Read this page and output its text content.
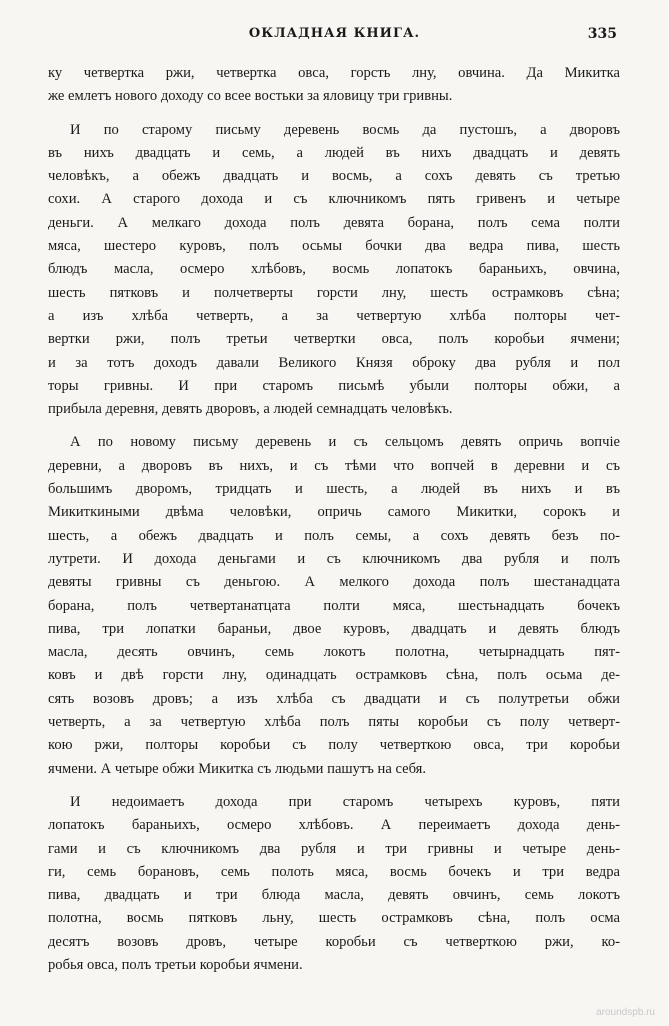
ОКЛАДНАЯ КНИГА.	335
ку четвертка ржи, четвертка овса, горсть лну, овчина. Да Микитка
же емлетъ нового доходу со всее востьки за яловицу три гривны.
И по старому письму деревень восмь да пустошъ, а дворовъ
въ нихъ двадцать и семь, а людей въ нихъ двадцать и девять
человѣкъ, а обежъ двадцать и восмь, а сохъ девять съ третью
сохи. А старого дохода и съ ключникомъ пять гривенъ и четыре
деньги. А мелкаго дохода полъ девята борана, полъ сема полти
мяса, шестеро куровъ, полъ осьмы бочки два ведра пива, шесть
блюдъ масла, осмеро хлѣбовъ, восмь лопатокъ бараньихъ, овчина,
шесть пятковъ и полчетверты горсти лну, шесть острамковъ сѣна;
а изъ хлѣба четверть, а за четвертую хлѣба полторы чет-
вертки ржи, полъ третьи четвертки овса, полъ коробьи ячмени;
и за тотъ доходъ давали Великого Князя оброку два рубля и пол
торы гривны. И при старомъ письмѣ убыли полторы обжи, а
прибыла деревня, девять дворовъ, а людей семнадцать человѣкъ.
А по новому письму деревень и съ сельцомъ девять опричь вопчіе
деревни, а дворовъ въ нихъ, и съ тѣми что вопчей в деревни и съ
большимъ дворомъ, тридцать и шесть, а людей въ нихъ и въ
Микиткиными двѣма человѣки, опричь самого Микитки, сорокъ и
шесть, а обежъ двадцать и полъ семы, а сохъ девять безъ по-
лутрети. И дохода деньгами и съ ключникомъ два рубля и полъ
девяты гривны съ деньгою. А мелкого дохода полъ шестанадцата
борана, полъ четвертанатцата полти мяса, шестьнадцать бочекъ
пива, три лопатки бараньи, двое куровъ, двадцать и девять блюдъ
масла, десять овчинъ, семь локотъ полотна, четырнадцать пят-
ковъ и двѣ горсти лну, одинадцать острамковъ сѣна, полъ осьма де-
сять возовъ дровъ; а изъ хлѣба съ двадцати и съ полутретьи обжи
четверть, а за четвертую хлѣба полъ пяты коробьи съ полу четверт-
кою ржи, полторы коробьи съ полу четверткою овса, три коробьи
ячмени. А четыре обжи Микитка съ людьми пашутъ на себя.
И недоимаетъ дохода при старомъ четырехъ куровъ, пяти
лопатокъ бараньихъ, осмеро хлѣбовъ. А переимаетъ дохода день-
гами и съ ключникомъ два рубля и три гривны и четыре день-
ги, семь борановъ, семь полоть мяса, восмь бочекъ и три ведра
пива, двадцать и три блюда масла, девять овчинъ, семь локотъ
полотна, восмь пятковъ льну, шесть острамковъ сѣна, полъ осма
десятъ возовъ дровъ, четыре коробьи съ четверткою ржи, ко-
робья овса, полъ третьи коробьи ячмени.
aroundspb.ru
